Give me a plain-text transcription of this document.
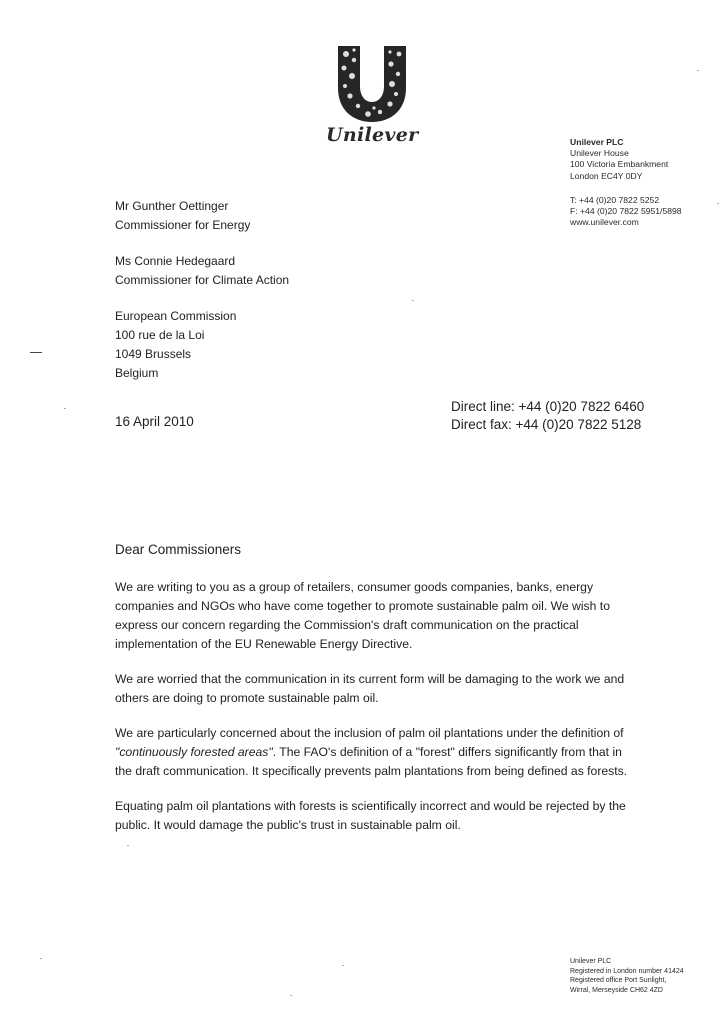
Unilever	Unilever PLC
Unilever House
100 Victoria Embankment
London EC4Y 0DY
T: +44 (0)20 7822 5252
F: +44 (0)20 7822 5951/5898
www.unilever.com
Mr Gunther Oettinger
Commissioner for Energy
Ms Connie Hedegaard
Commissioner for Climate Action
European Commission
100 rue de la Loi
1049 Brussels
Belgium
Direct line: +44 (0)20 7822 6460
Direct fax: +44 (0)20 7822 5128
16 April 2010
Dear Commissioners

We are writing to you as a group of retailers, consumer goods companies, banks, energy companies and NGOs who have come together to promote sustainable palm oil. We wish to express our concern regarding the Commission's draft communication on the practical implementation of the EU Renewable Energy Directive.

We are worried that the communication in its current form will be damaging to the work we and others are doing to promote sustainable palm oil.

We are particularly concerned about the inclusion of palm oil plantations under the definition of "continuously forested areas". The FAO's definition of a "forest" differs significantly from that in the draft communication. It specifically prevents palm plantations from being defined as forests.

Equating palm oil plantations with forests is scientifically incorrect and would be rejected by the public. It would damage the public's trust in sustainable palm oil.

Unilever PLC
Registered in London number 41424
Registered office Port Sunlight,
Wirral, Merseyside CH62 4ZD
